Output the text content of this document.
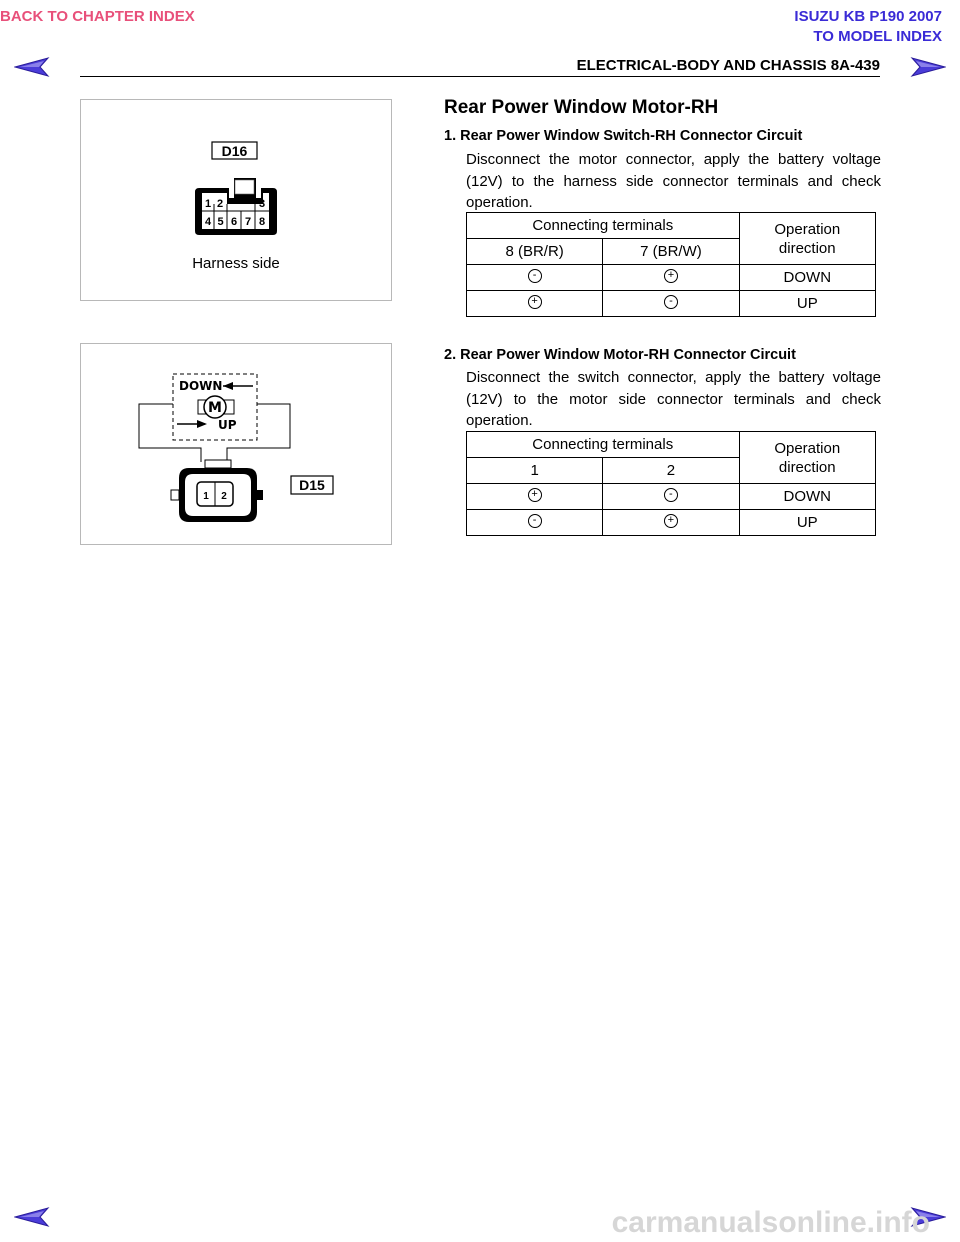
BACK TO CHAPTER INDEX	ISUZU KB P190 2007
TO MODEL INDEX
ELECTRICAL-BODY AND CHASSIS 8A-439
D16
1 2	3
4 5 6 7 8
Harness side
DOWN
M
UP
1 2
D15
Rear Power Window Motor-RH
1. Rear Power Window Switch-RH Connector Circuit
Disconnect the motor connector, apply the battery voltage
(12V) to the harness side connector terminals and check
operation.
Connecting terminals		Operation
direction

8 (BR/R)	7 (BR/W)	
-	+	DOWN
+	-	UP
2. Rear Power Window Motor-RH Connector Circuit
Disconnect the switch connector, apply the battery voltage
(12V) to the motor side connector terminals and check
operation.
Connecting terminals		Operation
direction

1	2	
+	-	DOWN
-	+	UP
carmanualsonline.info
